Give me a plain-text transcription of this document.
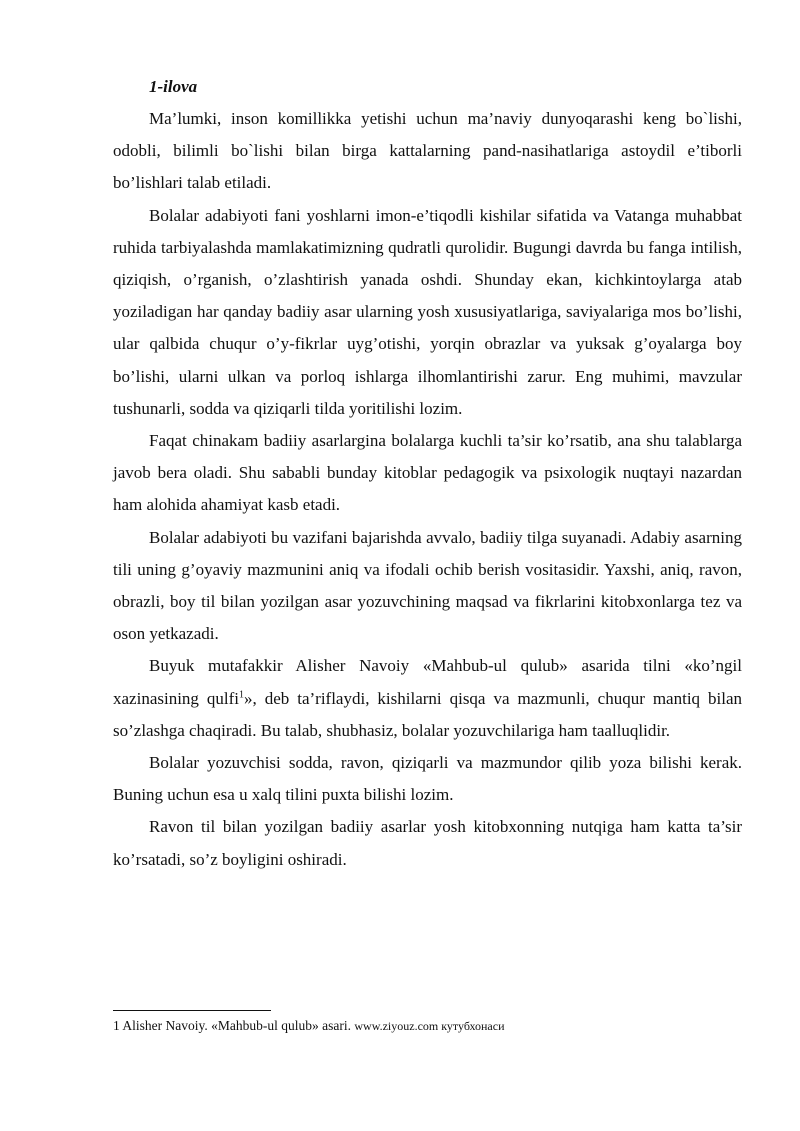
1-ilova

Ma’lumki, inson komillikka yetishi uchun ma’naviy dunyoqarashi keng bo`lishi, odobli, bilimli bo`lishi bilan birga kattalarning pand-nasihatlariga astoydil e’tiborli bo’lishlari talab etiladi.

Bolalar adabiyoti fani yoshlarni imon-e’tiqodli kishilar sifatida va Vatanga muhabbat ruhida tarbiyalashda mamlakatimizning qudratli qurolidir. Bugungi davrda bu fanga intilish, qiziqish, o’rganish, o’zlashtirish yanada oshdi. Shunday ekan, kichkintoylarga atab yoziladigan har qanday badiiy asar ularning yosh xususiyatlariga, saviyalariga mos bo’lishi, ular qalbida chuqur o’y-fikrlar uyg’otishi, yorqin obrazlar va yuksak g’oyalarga boy bo’lishi, ularni ulkan va porloq ishlarga ilhomlantirishi zarur. Eng muhimi, mavzular tushunarli, sodda va qiziqarli tilda yoritilishi lozim.

Faqat chinakam badiiy asarlargina bolalarga kuchli ta’sir ko’rsatib, ana shu talablarga javob bera oladi. Shu sababli bunday kitoblar pedagogik va psixologik nuqtayi nazardan ham alohida ahamiyat kasb etadi.

Bolalar adabiyoti bu vazifani bajarishda avvalo, badiiy tilga suyanadi. Adabiy asarning tili uning g’oyaviy mazmunini aniq va ifodali ochib berish vositasidir. Yaxshi, aniq, ravon, obrazli, boy til bilan yozilgan asar yozuvchining maqsad va fikrlarini kitobxonlarga tez va oson yetkazadi.

Buyuk mutafakkir Alisher Navoiy «Mahbub-ul qulub» asarida tilni «ko’ngil xazinasining qulfi$^1$», deb ta’riflaydi, kishilarni qisqa va mazmunli, chuqur mantiq bilan so’zlashga chaqiradi. Bu talab, shubhasiz, bolalar yozuvchilariga ham taalluqlidir.

Bolalar yozuvchisi sodda, ravon, qiziqarli va mazmundor qilib yoza bilishi kerak. Buning uchun esa u xalq tilini puxta bilishi lozim.

Ravon til bilan yozilgan badiiy asarlar yosh kitobxonning nutqiga ham katta ta’sir ko’rsatadi, so’z boyligini oshiradi.

1 Alisher Navoiy. «Mahbub-ul qulub» asari. www.ziyouz.com кутубхонаси
